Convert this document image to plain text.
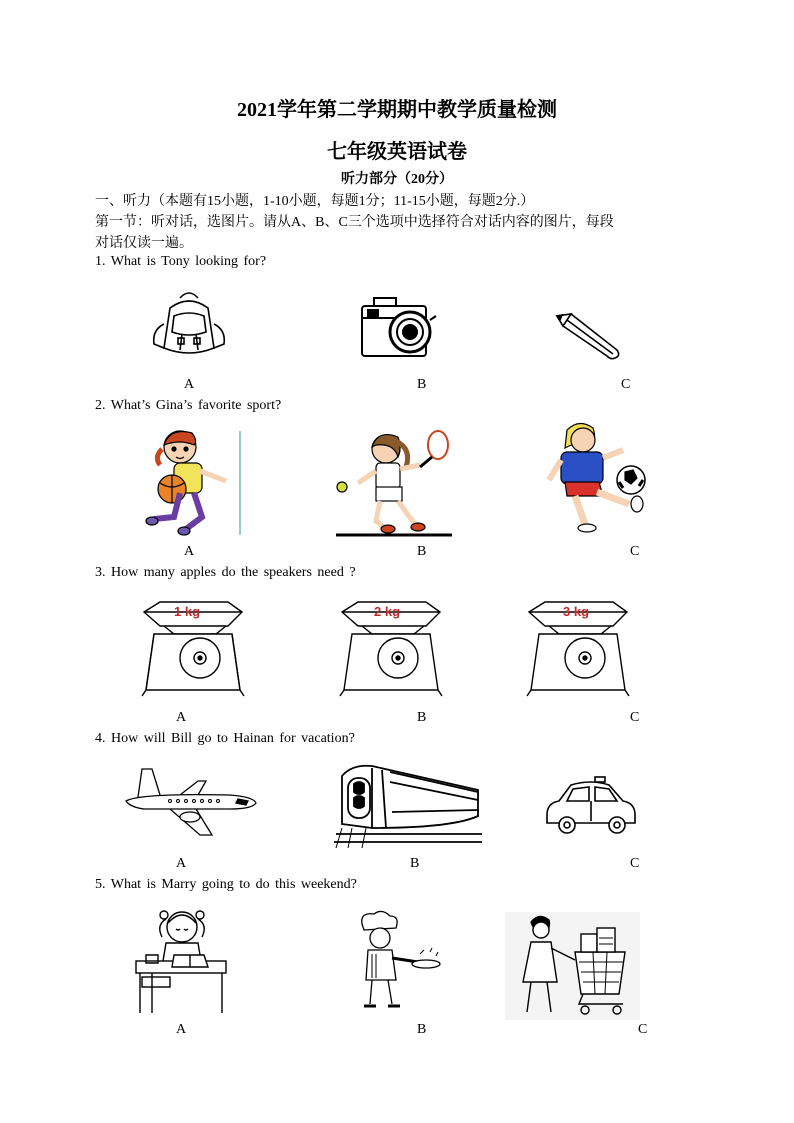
2021学年第二学期期中教学质量检测
七年级英语试卷
听力部分（20分）
一、听力（本题有15小题，1-10小题，每题1分；11-15小题，每题2分.）
第一节：听对话，选图片。请从A、B、C三个选项中选择符合对话内容的图片，每段
对话仅读一遍。
1. What is Tony looking for?
A	B	C
2. What’s Gina’s favorite sport?
A	B	C
3. How many apples do the speakers need ?
1 kg	2 kg	3 kg
A	B	C
4. How will Bill go to Hainan for vacation?
A	B	C
5. What is Marry going to do this weekend?
A	B	C
